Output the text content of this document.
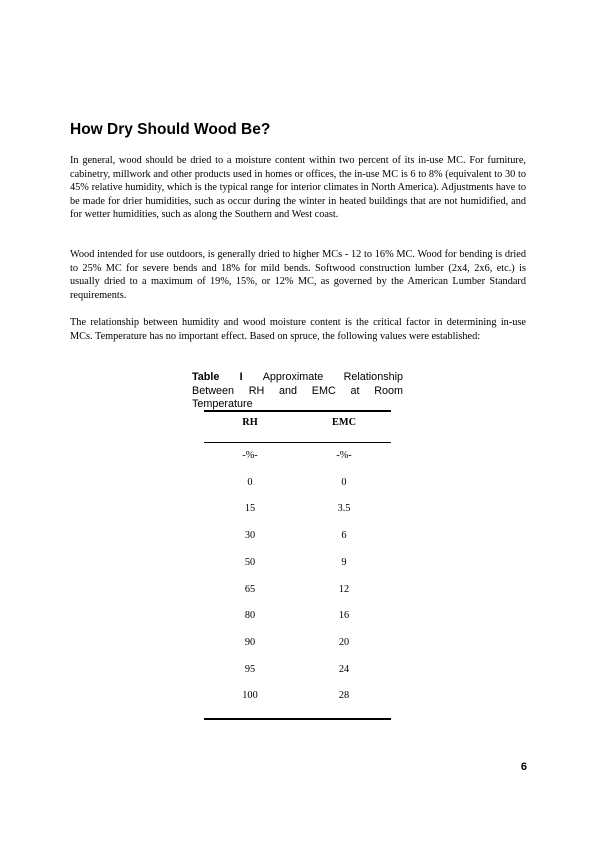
How Dry Should Wood Be?

In general, wood should be dried to a moisture content within two percent of its in-use MC. For furniture, cabinetry, millwork and other products used in homes or offices, the in-use MC is 6 to 8% (equivalent to 30 to 45% relative humidity, which is the typical range for interior climates in North America). Adjustments have to be made for drier humidities, such as occur during the winter in heated buildings that are not humidified, and for wetter humidities, such as along the Southern and West coast.

Wood intended for use outdoors, is generally dried to higher MCs - 12 to 16% MC. Wood for bending is dried to 25% MC for severe bends and 18% for mild bends. Softwood construction lumber (2x4, 2x6, etc.) is usually dried to a maximum of 19%, 15%, or 12% MC, as governed by the American Lumber Standard requirements.

The relationship between humidity and wood moisture content is the critical factor in determining in-use MCs. Temperature has no important effect. Based on spruce, the following values were established:

Table I Approximate Relationship Between RH and EMC at Room Temperature

RH	EMC
-%-	-%-
0	0
15	3.5
30	6
50	9
65	12
80	16
90	20
95	24
100	28
6
